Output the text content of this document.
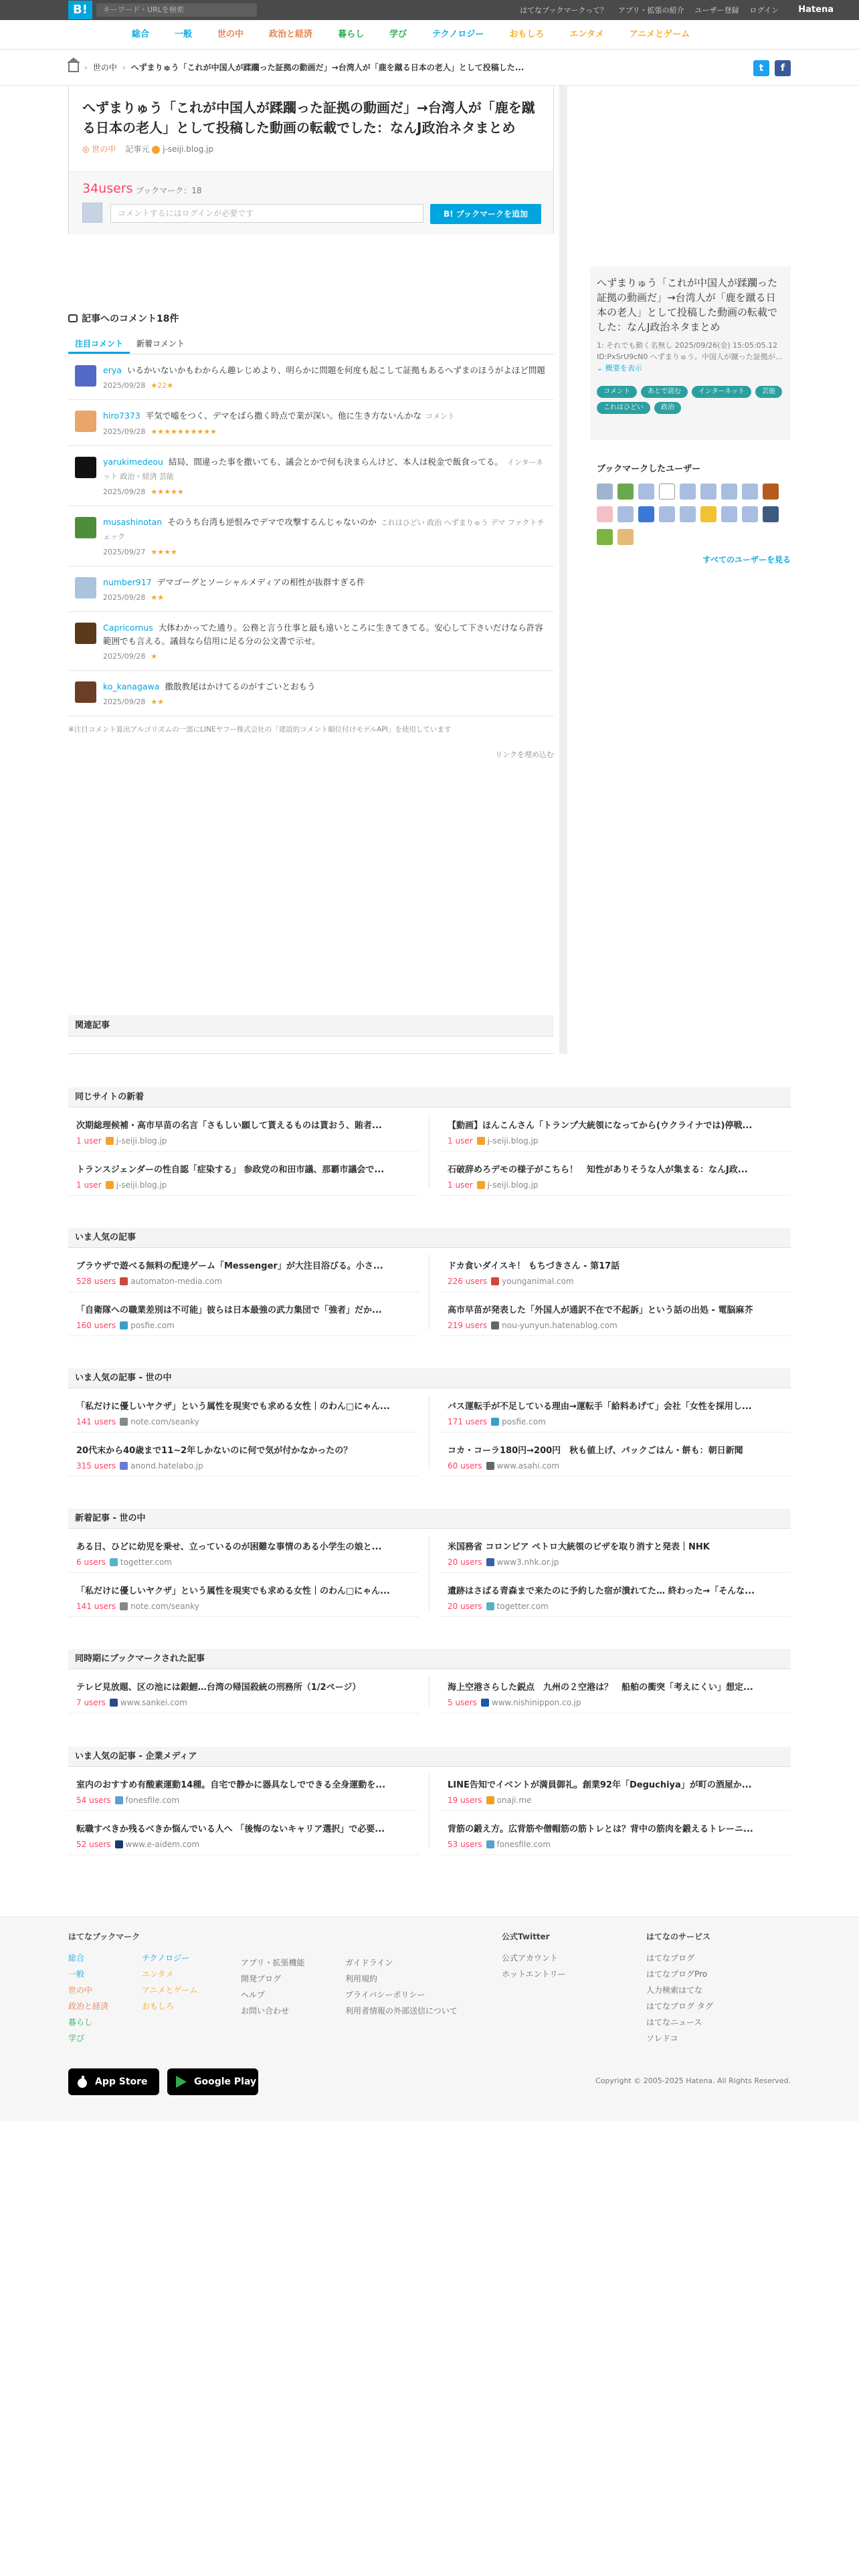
B!	キーワード・URLを検索	はてなブックマークって？ アプリ・拡張の紹介 ユーザー登録 ログイン Hatena
総合	一般	世の中	政治と経済	暮らし	学び	テクノロジー	おもしろ	エンタメ	アニメとゲーム
› 世の中 › へずまりゅう「これが中国人が蹂躙った証拠の動画だ」→台湾人が「鹿を蹴る日本の老人」として投稿した...	t	f
へずまりゅう「これが中国人が蹂躙った証拠の動画だ」→台湾人が「鹿を蹴る日本の老人」として投稿した動画の転載でした：なんJ政治ネタまとめ
◎ 世の中 記事元 j-seiji.blog.jp
34users ブックマーク：18
コメントするにはログインが必要です	B! ブックマークを追加
記事へのコメント18件
注目コメント	新着コメント
erya いるかいないかもわからん趣レじめより、明らかに問題を何度も起こして証拠もあるへずまのほうがよほど問題
2025/09/28 ★22★
hiro7373 平気で嘘をつく、デマをばら撒く時点で業が深い。他に生き方ないんかな コメント
2025/09/28 ★★★★★★★★★★
yarukimedeou 結局、間違った事を撒いても、議会とかで何も決まらんけど、本人は税金で飯食ってる。 インターネット 政治・経済 芸能
2025/09/28 ★★★★★
musashinotan そのうち台湾も逆恨みでデマで攻撃するんじゃないのか これはひどい 政治 へずまりゅう デマ ファクトチェック
2025/09/27 ★★★★
number917 デマゴーグとソーシャルメディアの相性が抜群すぎる件
2025/09/28 ★★
Capricornus 大体わかってた通り。公務と言う仕事と最も遠いところに生きてきてる。安心して下さいだけなら許容範囲でも言える。議員なら信用に足る分の公文書で示せ。
2025/09/28 ★
ko_kanagawa 撒散教尾はかけてるのがすごいとおもう
2025/09/28 ★★
※注目コメント算出アルゴリズムの一部にLINEヤフー株式会社の「建設的コメント順位付けモデルAPI」を使用しています
リンクを埋め込む
関連記事
へずまりゅう「これが中国人が蹂躙った証拠の動画だ」→台湾人が「鹿を蹴る日本の老人」として投稿した動画の転載でした：なんJ政治ネタまとめ
1: それでも動く名無し 2025/09/26(金) 15:05:05.12 ID:PxSrU9cN0 へずまりゅう。中国人が蹴った証拠が... ⌄ 概要を表示
コメント	あとで読む	インターネット	芸能
これはひどい	政治
ブックマークしたユーザー
すべてのユーザーを見る
同じサイトの新着
次期総理候補・高市早苗の名言「さもしい願して貰えるものは貰おう、賄者...
1 user j-seiji.blog.jp
【動画】ほんこんさん「トランプ大統領になってから(ウクライナでは)停戦...
1 user j-seiji.blog.jp
トランスジェンダーの性自認「症染する」 参政党の和田市議、那覇市議会で...
1 user j-seiji.blog.jp
石破辞めろデモの様子がこちら！　知性がありそうな人が集まる：なんJ政...
1 user j-seiji.blog.jp
いま人気の記事
ブラウザで遊べる無料の配達ゲーム「Messenger」が大注目浴びる。小さ...
528 users automaton-media.com
ドカ食いダイスキ！ もちづきさん - 第17話
226 users younganimal.com
「自衛隊への職業差別は不可能」彼らは日本最強の武力集団で「強者」だか...
160 users posfie.com
高市早苗が発表した「外国人が通訳不在で不起訴」という話の出処 - 電脳麻芥
219 users nou-yunyun.hatenablog.com
いま人気の記事 - 世の中
「私だけに優しいヤクザ」という属性を現実でも求める女性｜のわん□にゃん...
141 users note.com/seanky
バス運転手が不足している理由→運転手「給料あげて」会社「女性を採用し...
171 users posfie.com
20代末から40歳まで11~2年しかないのに何で気が付かなかったの？
315 users anond.hatelabo.jp
コカ・コーラ180円→200円　秋も値上げ、パックごはん・餅も：朝日新聞
60 users www.asahi.com
新着記事 - 世の中
ある日、ひどに幼児を乗せ、立っているのが困難な事情のある小学生の娘と...
6 users togetter.com
米国務省 コロンビア ペトロ大統領のビザを取り消すと発表｜NHK
20 users www3.nhk.or.jp
「私だけに優しいヤクザ」という属性を現実でも求める女性｜のわん□にゃん...
141 users note.com/seanky
遺跡はさばる青森まで来たのに予約した宿が潰れてた… 終わった→「そんな...
20 users togetter.com
同時期にブックマークされた記事
テレビ見放題、区の池には銀鯉…台湾の帰国殺統の刑務所（1/2ページ）
7 users www.sankei.com
海上空港さらした鋭点　九州の２空港は？　船舶の衝突「考えにくい」想定...
5 users www.nishinippon.co.jp
いま人気の記事 - 企業メディア
室内のおすすめ有酸素運動14種。自宅で静かに器具なしでできる全身運動を...
54 users fonesfile.com
LINE告知でイベントが満員御礼。創業92年「Deguchiya」が町の酒屋か...
19 users onaji.me
転職すべきか残るべきか悩んでいる人へ 「後悔のないキャリア選択」で必要...
52 users www.e-aidem.com
背筋の鍛え方。広背筋や僧帽筋の筋トレとは？背中の筋肉を鍛えるトレーニ...
53 users fonesfile.com
はてなブックマーク
総合
一般
世の中
政治と経済
暮らし
学び
テクノロジー
エンタメ
アニメとゲーム
おもしろ
アプリ・拡張機能
開発ブログ
ヘルプ
お問い合わせ
ガイドライン
利用規約
プライバシーポリシー
利用者情報の外部送信について
公式Twitter
公式アカウント
ホットエントリー
はてなのサービス
はてなブログ
はてなブログPro
人力検索はてな
はてなブログ タグ
はてなニュース
ソレドコ
App Store	Google Play	Copyright © 2005-2025 Hatena. All Rights Reserved.
